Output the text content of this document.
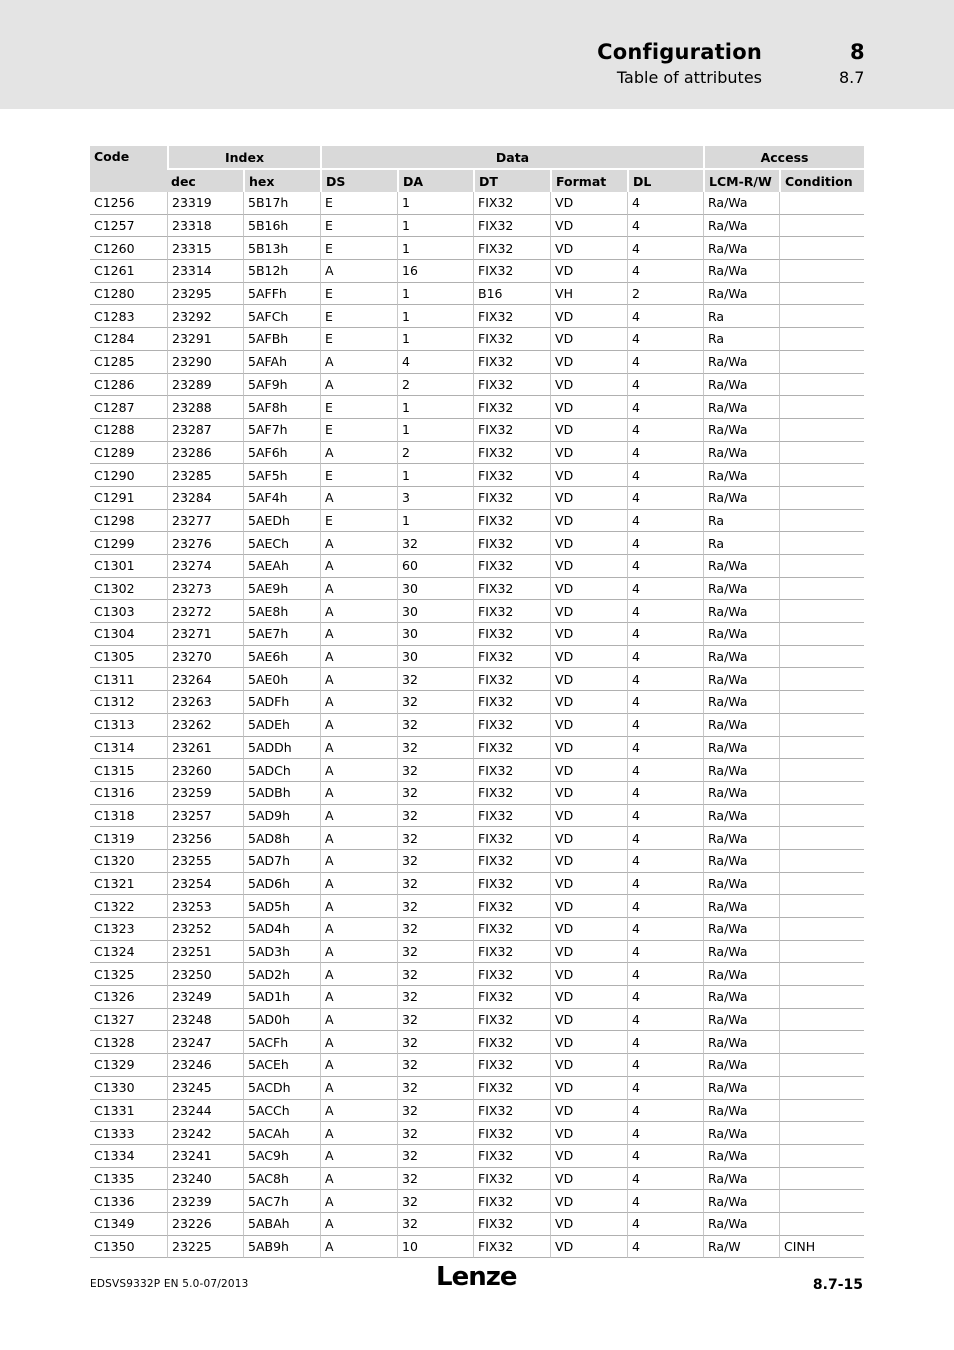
Configuration	8
Table of attributes	8.7
Code	Index		Data					Access	
	dec	hex	DS	DA	DT	Format	DL	LCM-R/W	Condition
C1256	23319	5B17h	E	1	FIX32	VD	4	Ra/Wa	
C1257	23318	5B16h	E	1	FIX32	VD	4	Ra/Wa	
C1260	23315	5B13h	E	1	FIX32	VD	4	Ra/Wa	
C1261	23314	5B12h	A	16	FIX32	VD	4	Ra/Wa	
C1280	23295	5AFFh	E	1	B16	VH	2	Ra/Wa	
C1283	23292	5AFCh	E	1	FIX32	VD	4	Ra	
C1284	23291	5AFBh	E	1	FIX32	VD	4	Ra	
C1285	23290	5AFAh	A	4	FIX32	VD	4	Ra/Wa	
C1286	23289	5AF9h	A	2	FIX32	VD	4	Ra/Wa	
C1287	23288	5AF8h	E	1	FIX32	VD	4	Ra/Wa	
C1288	23287	5AF7h	E	1	FIX32	VD	4	Ra/Wa	
C1289	23286	5AF6h	A	2	FIX32	VD	4	Ra/Wa	
C1290	23285	5AF5h	E	1	FIX32	VD	4	Ra/Wa	
C1291	23284	5AF4h	A	3	FIX32	VD	4	Ra/Wa	
C1298	23277	5AEDh	E	1	FIX32	VD	4	Ra	
C1299	23276	5AECh	A	32	FIX32	VD	4	Ra	
C1301	23274	5AEAh	A	60	FIX32	VD	4	Ra/Wa	
C1302	23273	5AE9h	A	30	FIX32	VD	4	Ra/Wa	
C1303	23272	5AE8h	A	30	FIX32	VD	4	Ra/Wa	
C1304	23271	5AE7h	A	30	FIX32	VD	4	Ra/Wa	
C1305	23270	5AE6h	A	30	FIX32	VD	4	Ra/Wa	
C1311	23264	5AE0h	A	32	FIX32	VD	4	Ra/Wa	
C1312	23263	5ADFh	A	32	FIX32	VD	4	Ra/Wa	
C1313	23262	5ADEh	A	32	FIX32	VD	4	Ra/Wa	
C1314	23261	5ADDh	A	32	FIX32	VD	4	Ra/Wa	
C1315	23260	5ADCh	A	32	FIX32	VD	4	Ra/Wa	
C1316	23259	5ADBh	A	32	FIX32	VD	4	Ra/Wa	
C1318	23257	5AD9h	A	32	FIX32	VD	4	Ra/Wa	
C1319	23256	5AD8h	A	32	FIX32	VD	4	Ra/Wa	
C1320	23255	5AD7h	A	32	FIX32	VD	4	Ra/Wa	
C1321	23254	5AD6h	A	32	FIX32	VD	4	Ra/Wa	
C1322	23253	5AD5h	A	32	FIX32	VD	4	Ra/Wa	
C1323	23252	5AD4h	A	32	FIX32	VD	4	Ra/Wa	
C1324	23251	5AD3h	A	32	FIX32	VD	4	Ra/Wa	
C1325	23250	5AD2h	A	32	FIX32	VD	4	Ra/Wa	
C1326	23249	5AD1h	A	32	FIX32	VD	4	Ra/Wa	
C1327	23248	5AD0h	A	32	FIX32	VD	4	Ra/Wa	
C1328	23247	5ACFh	A	32	FIX32	VD	4	Ra/Wa	
C1329	23246	5ACEh	A	32	FIX32	VD	4	Ra/Wa	
C1330	23245	5ACDh	A	32	FIX32	VD	4	Ra/Wa	
C1331	23244	5ACCh	A	32	FIX32	VD	4	Ra/Wa	
C1333	23242	5ACAh	A	32	FIX32	VD	4	Ra/Wa	
C1334	23241	5AC9h	A	32	FIX32	VD	4	Ra/Wa	
C1335	23240	5AC8h	A	32	FIX32	VD	4	Ra/Wa	
C1336	23239	5AC7h	A	32	FIX32	VD	4	Ra/Wa	
C1349	23226	5ABAh	A	32	FIX32	VD	4	Ra/Wa	
C1350	23225	5AB9h	A	10	FIX32	VD	4	Ra/W	CINH
EDSVS9332P EN 5.0-07/2013	Lenze	8.7-15
